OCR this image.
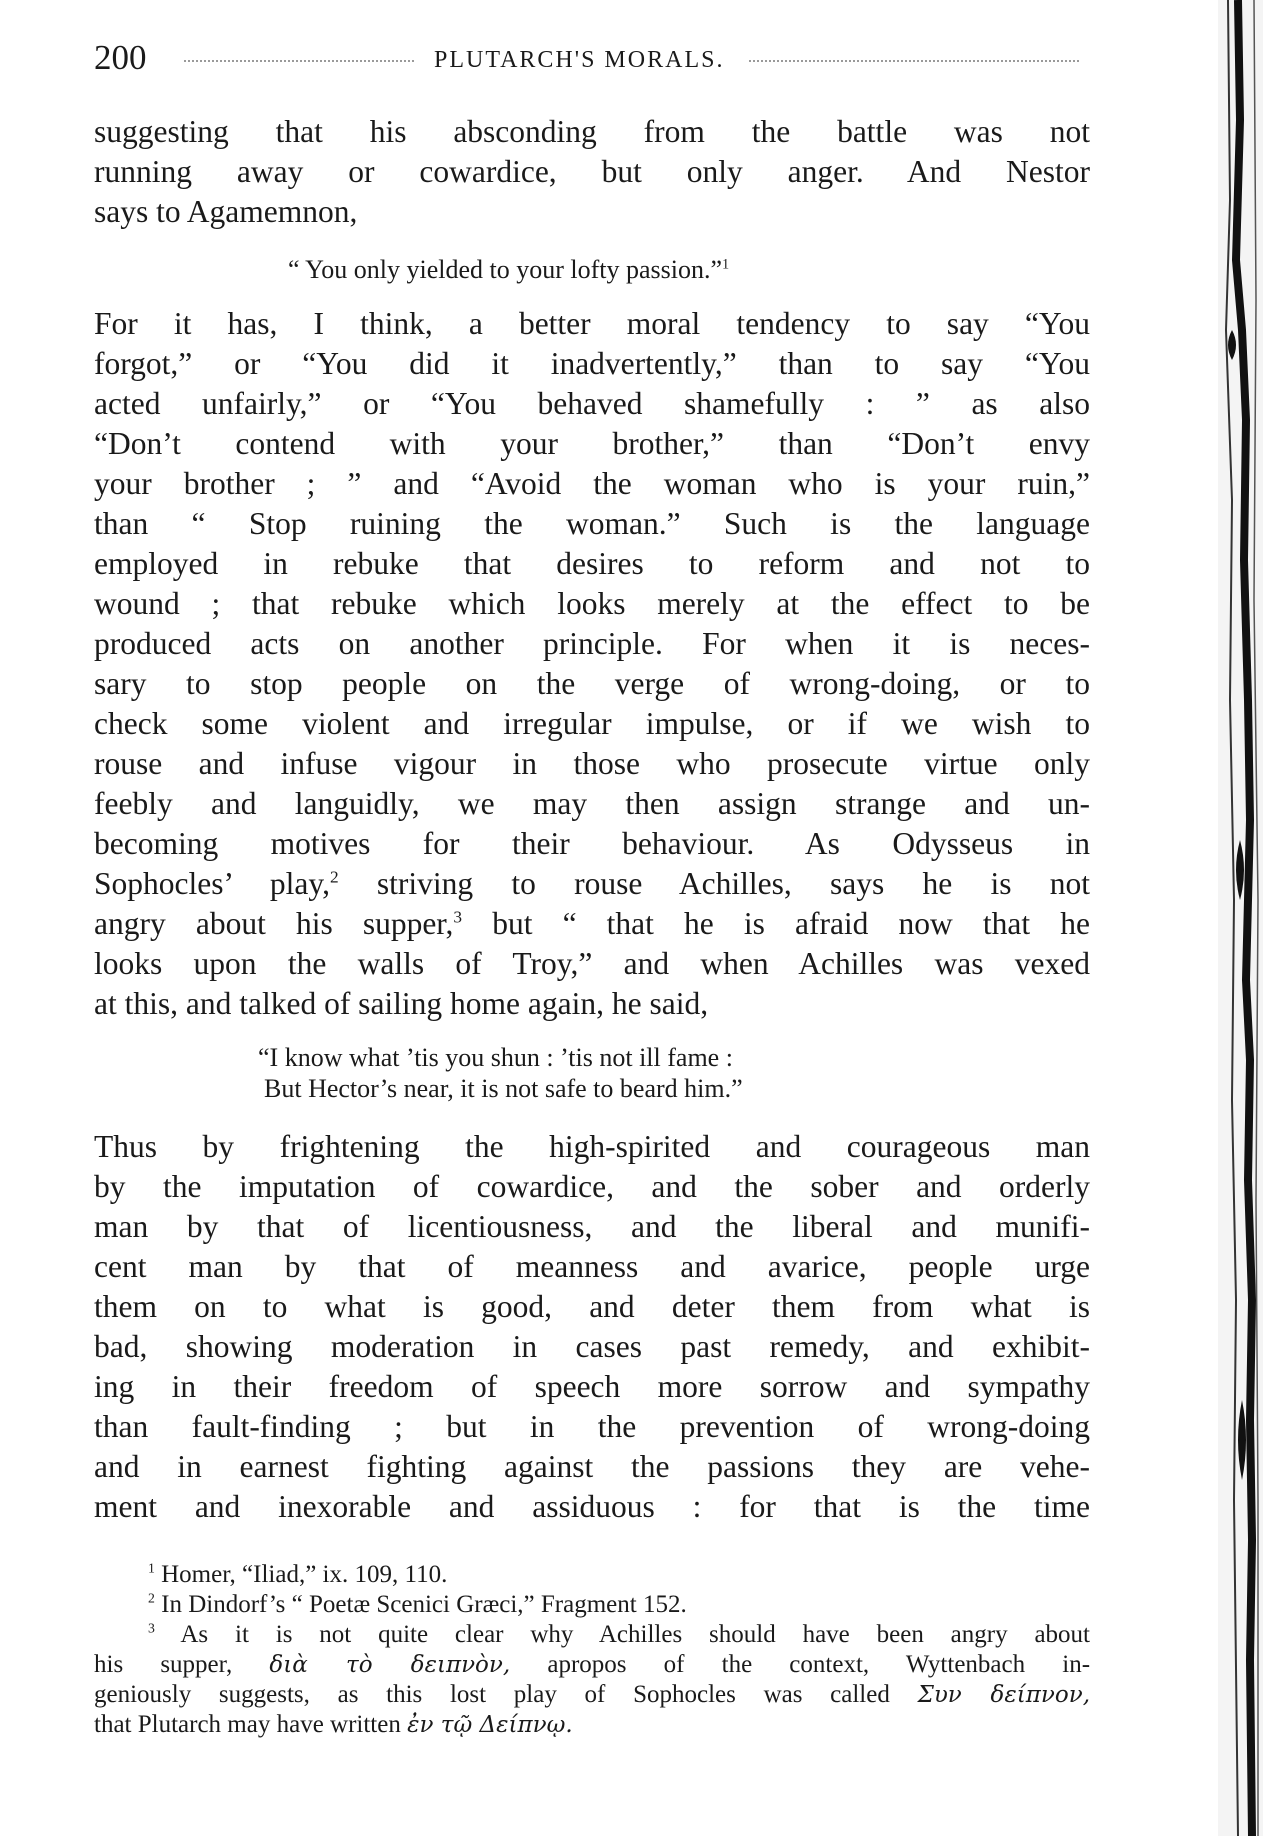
200	PLUTARCH'S MORALS.
suggesting that his absconding from the battle was not
running away or cowardice, but only anger. And Nestor
says to Agamemnon,
“ You only yielded to your lofty passion.”$^1$
For it has, I think, a better moral tendency to say “You
forgot,” or “You did it inadvertently,” than to say “You
acted unfairly,” or “You behaved shamefully : ” as also
“Don’t contend with your brother,” than “Don’t envy
your brother ; ” and “Avoid the woman who is your ruin,”
than “ Stop ruining the woman.” Such is the language
employed in rebuke that desires to reform and not to
wound ; that rebuke which looks merely at the effect to be
produced acts on another principle. For when it is neces-
sary to stop people on the verge of wrong-doing, or to
check some violent and irregular impulse, or if we wish to
rouse and infuse vigour in those who prosecute virtue only
feebly and languidly, we may then assign strange and un-
becoming motives for their behaviour. As Odysseus in
Sophocles’ play,$^2$ striving to rouse Achilles, says he is not
angry about his supper,$^3$ but “ that he is afraid now that he
looks upon the walls of Troy,” and when Achilles was vexed
at this, and talked of sailing home again, he said,
“I know what ’tis you shun : ’tis not ill fame :
But Hector’s near, it is not safe to beard him.”
Thus by frightening the high-spirited and courageous man
by the imputation of cowardice, and the sober and orderly
man by that of licentiousness, and the liberal and munifi-
cent man by that of meanness and avarice, people urge
them on to what is good, and deter them from what is
bad, showing moderation in cases past remedy, and exhibit-
ing in their freedom of speech more sorrow and sympathy
than fault-finding ; but in the prevention of wrong-doing
and in earnest fighting against the passions they are vehe-
ment and inexorable and assiduous : for that is the time
$^1$ Homer, “Iliad,” ix. 109, 110.
$^2$ In Dindorf’s “ Poetæ Scenici Græci,” Fragment 152.
$^3$ As it is not quite clear why Achilles should have been angry about
his supper, διὰ τὸ δειπνὸν, apropos of the context, Wyttenbach in-
geniously suggests, as this lost play of Sophocles was called Συν δείπνον,
that Plutarch may have written ἐν τῷ Δείπνῳ.
